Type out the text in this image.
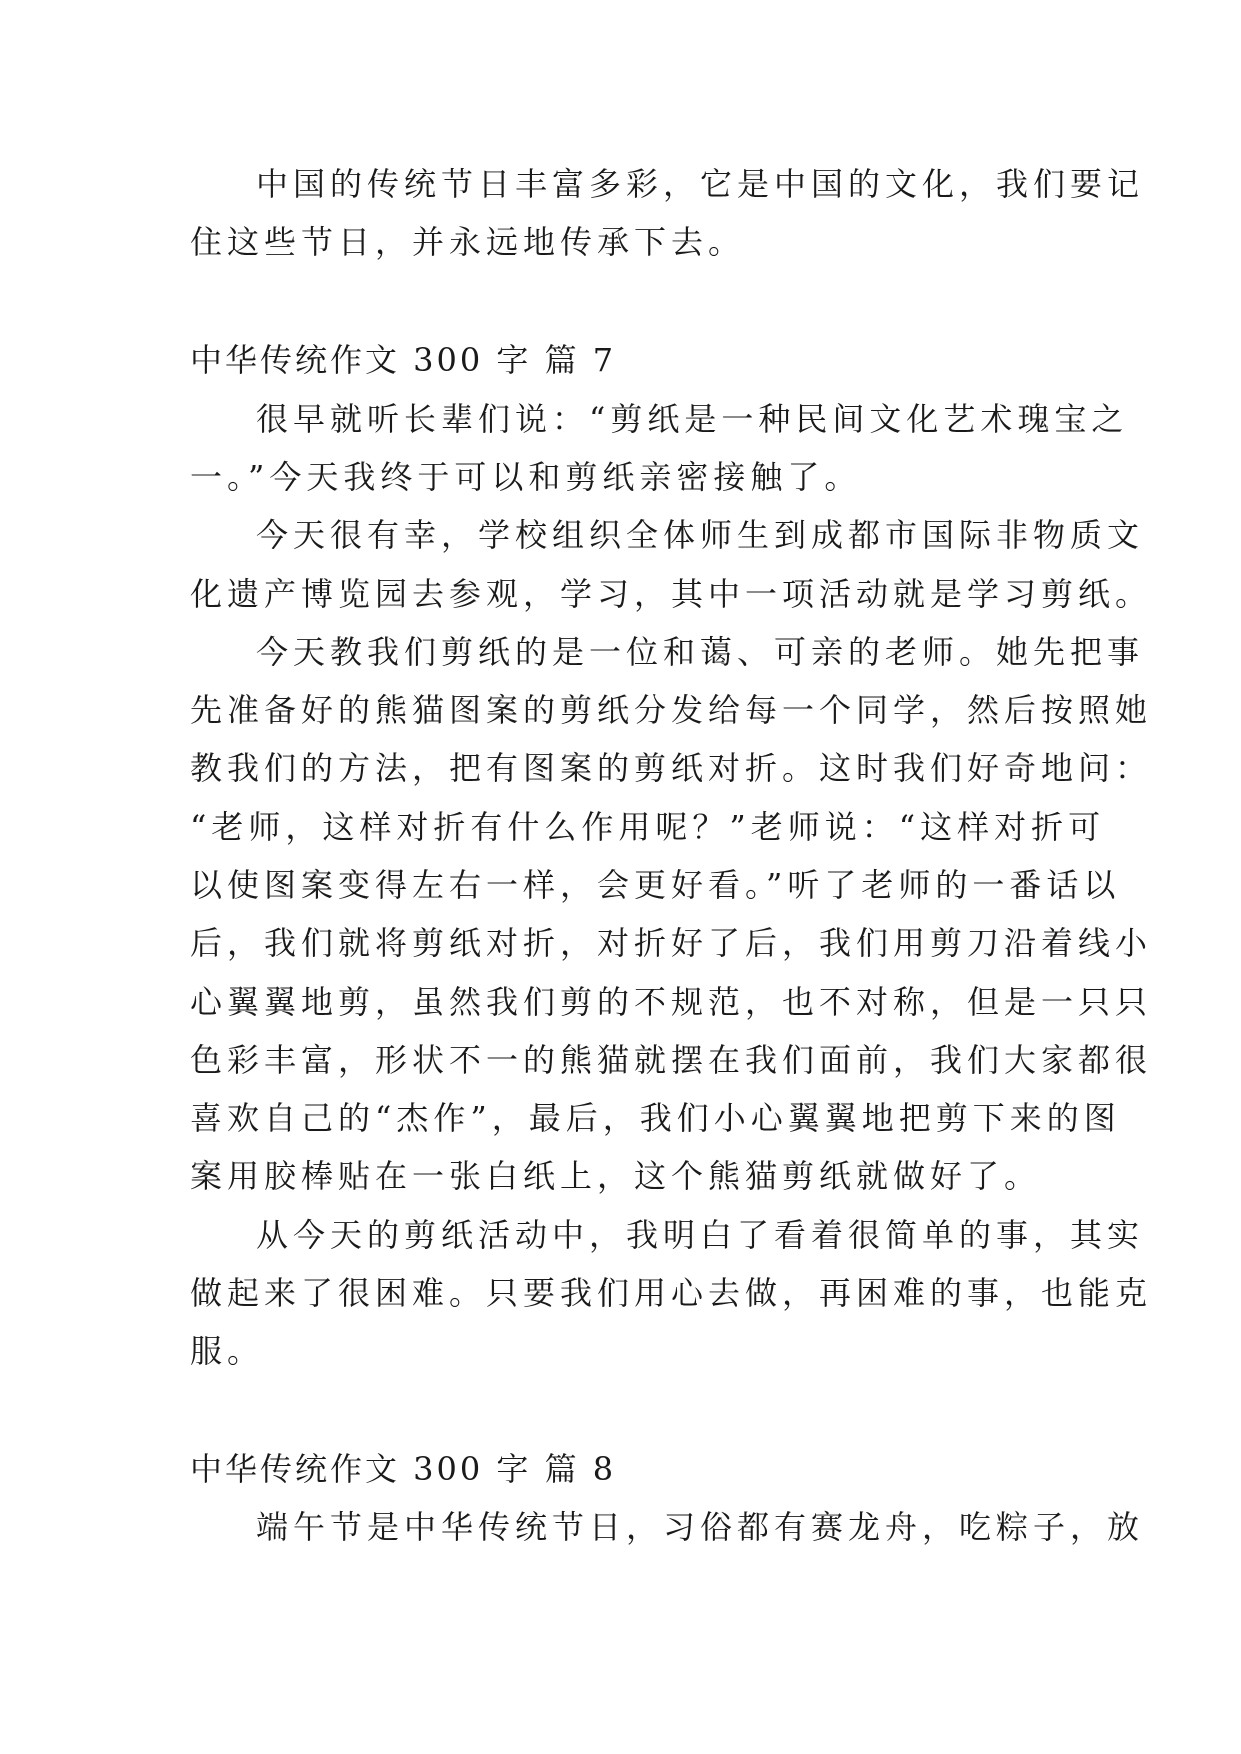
中国的传统节日丰富多彩，它是中国的文化，我们要记
住这些节日，并永远地传承下去。
中华传统作文 300 字 篇 7
很早就听长辈们说：“剪纸是一种民间文化艺术瑰宝之
一。”今天我终于可以和剪纸亲密接触了。
今天很有幸，学校组织全体师生到成都市国际非物质文
化遗产博览园去参观，学习，其中一项活动就是学习剪纸。
今天教我们剪纸的是一位和蔼、可亲的老师。她先把事
先准备好的熊猫图案的剪纸分发给每一个同学，然后按照她
教我们的方法，把有图案的剪纸对折。这时我们好奇地问：
“老师，这样对折有什么作用呢？”老师说：“这样对折可
以使图案变得左右一样，会更好看。”听了老师的一番话以
后，我们就将剪纸对折，对折好了后，我们用剪刀沿着线小
心翼翼地剪，虽然我们剪的不规范，也不对称，但是一只只
色彩丰富，形状不一的熊猫就摆在我们面前，我们大家都很
喜欢自己的“杰作”，最后，我们小心翼翼地把剪下来的图
案用胶棒贴在一张白纸上，这个熊猫剪纸就做好了。
从今天的剪纸活动中，我明白了看着很简单的事，其实
做起来了很困难。只要我们用心去做，再困难的事，也能克
服。
中华传统作文 300 字 篇 8
端午节是中华传统节日，习俗都有赛龙舟，吃粽子，放
